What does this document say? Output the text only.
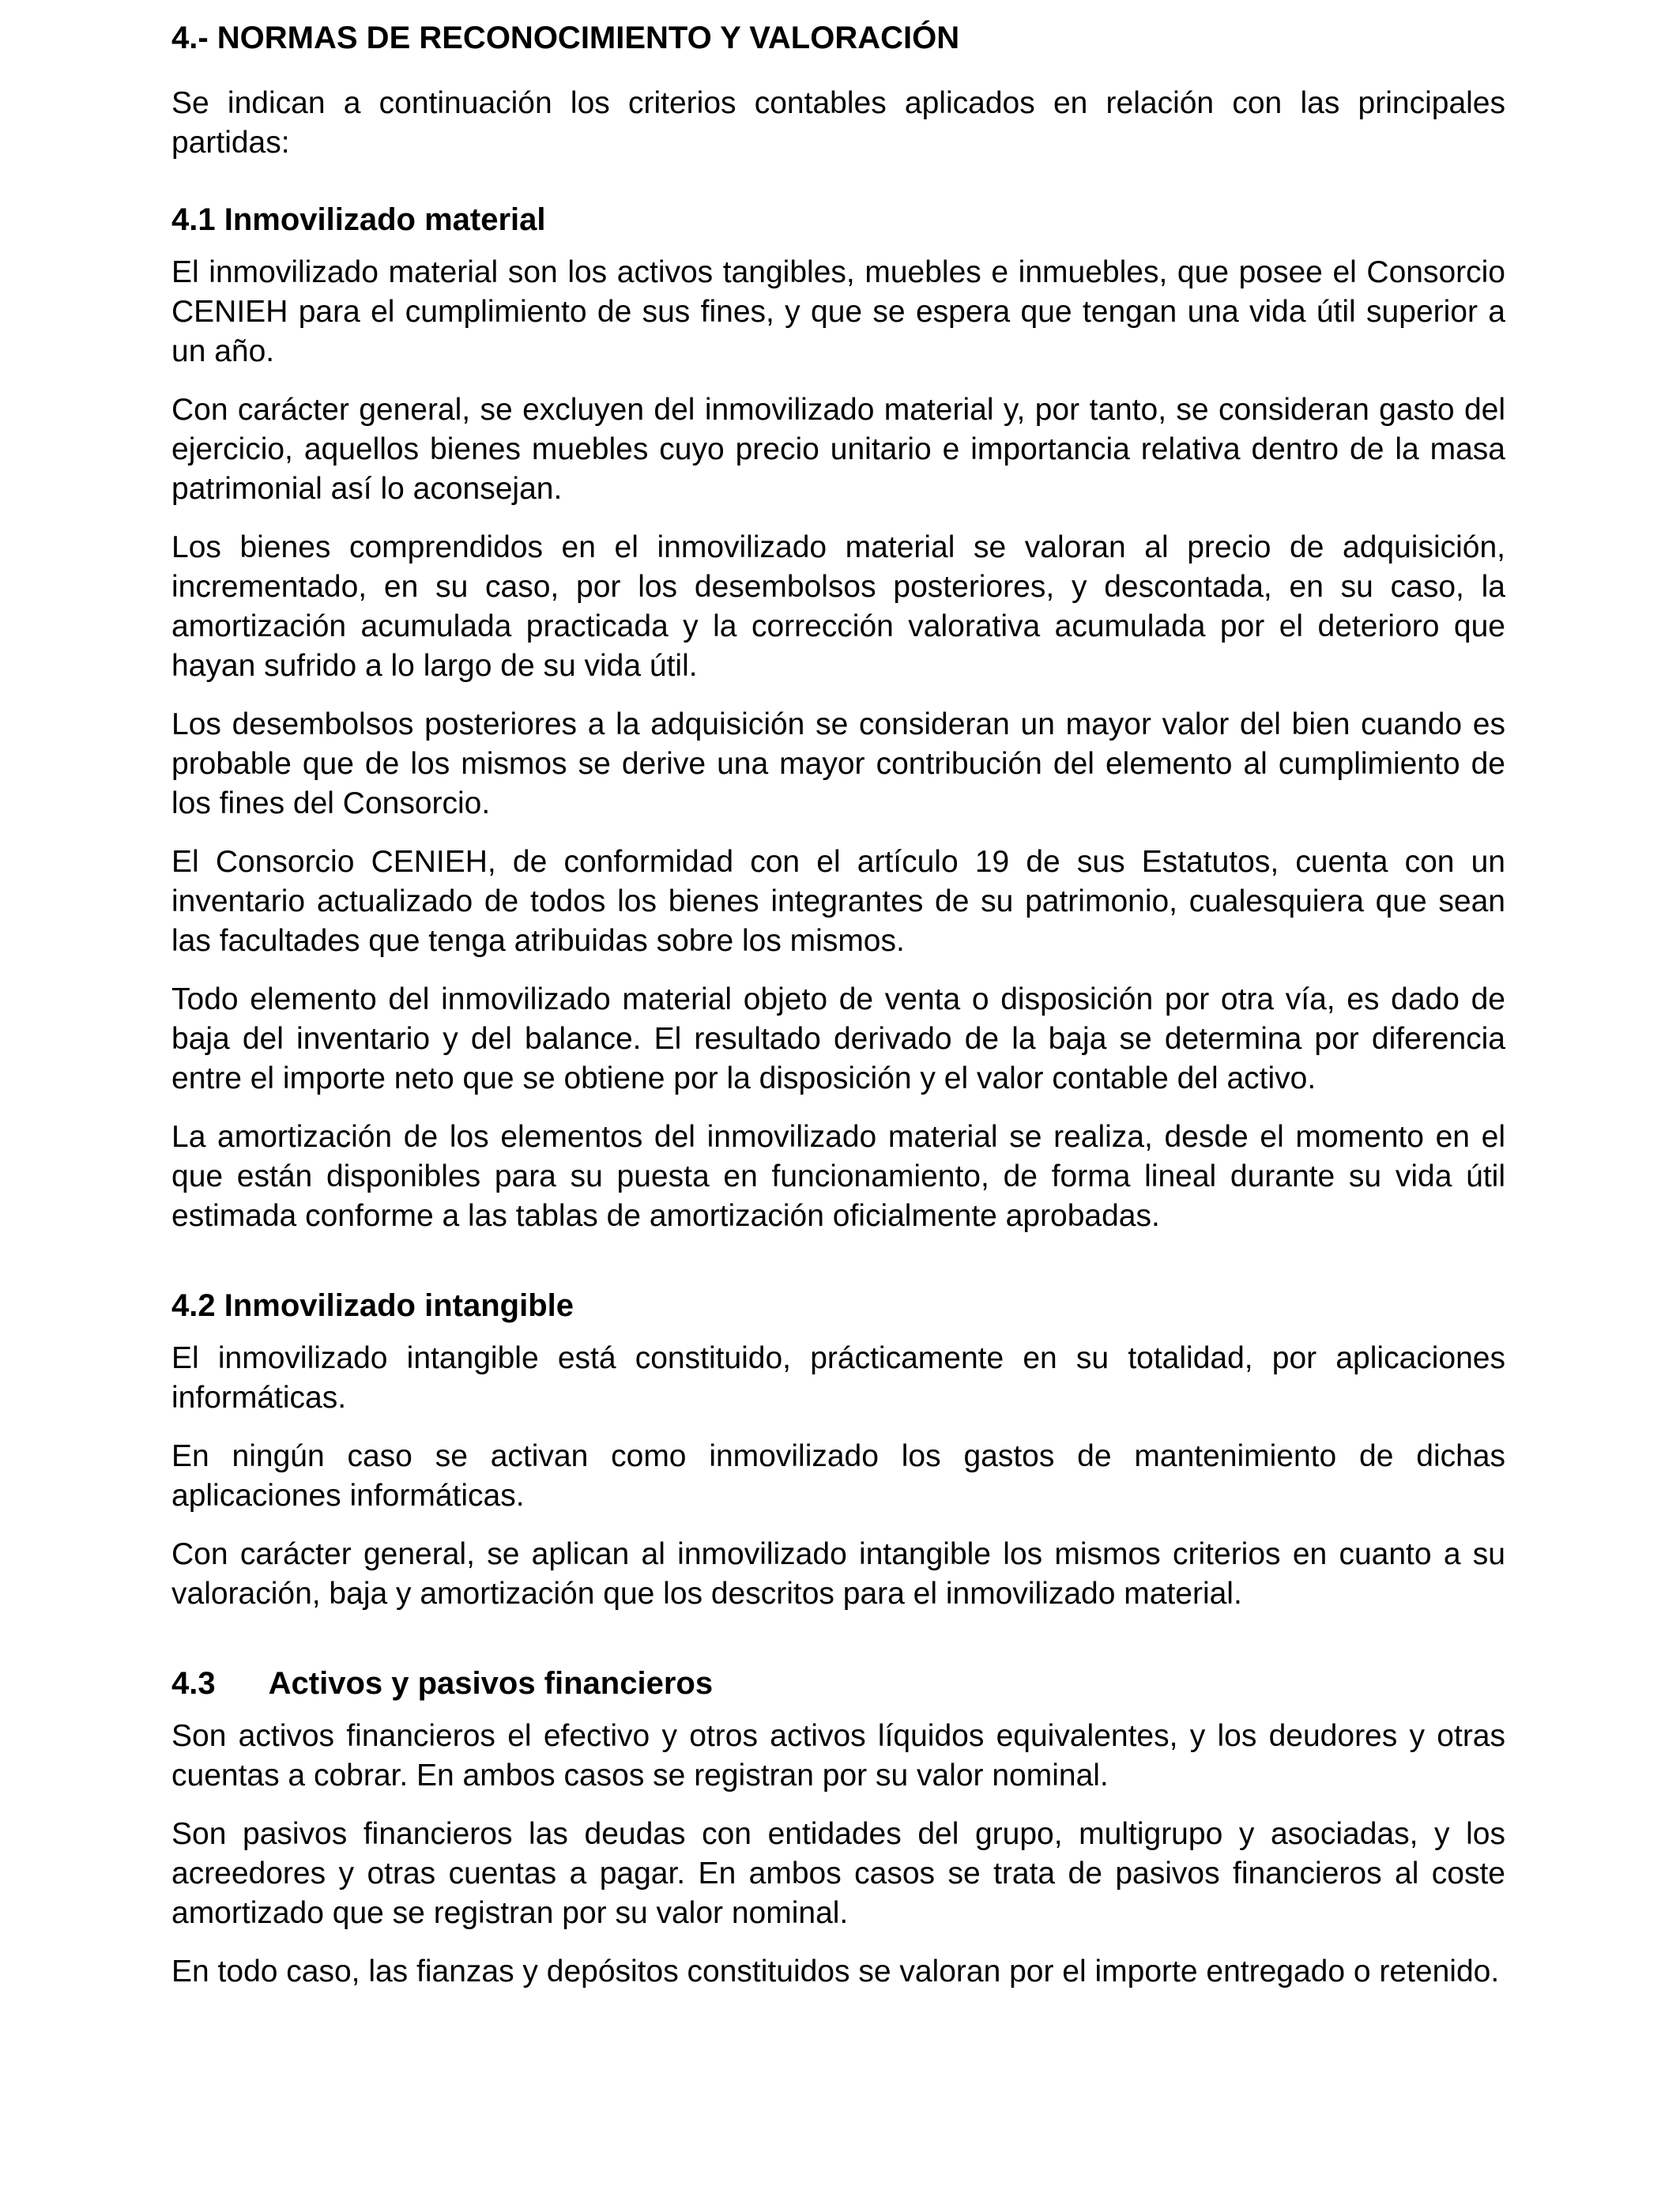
4.- NORMAS DE RECONOCIMIENTO Y VALORACIÓN

Se indican a continuación los criterios contables aplicados en relación con las principales partidas:

4.1 Inmovilizado material

El inmovilizado material son los activos tangibles, muebles e inmuebles, que posee el Consorcio CENIEH para el cumplimiento de sus fines, y que se espera que tengan una vida útil superior a un año.

Con carácter general, se excluyen del inmovilizado material y, por tanto, se consideran gasto del ejercicio, aquellos bienes muebles cuyo precio unitario e importancia relativa dentro de la masa patrimonial así lo aconsejan.

Los bienes comprendidos en el inmovilizado material se valoran al precio de adquisición, incrementado, en su caso, por los desembolsos posteriores, y descontada, en su caso, la amortización acumulada practicada y la corrección valorativa acumulada por el deterioro que hayan sufrido a lo largo de su vida útil.

Los desembolsos posteriores a la adquisición se consideran un mayor valor del bien cuando es probable que de los mismos se derive una mayor contribución del elemento al cumplimiento de los fines del Consorcio.

El Consorcio CENIEH, de conformidad con el artículo 19 de sus Estatutos, cuenta con un inventario actualizado de todos los bienes integrantes de su patrimonio, cualesquiera que sean las facultades que tenga atribuidas sobre los mismos.

Todo elemento del inmovilizado material objeto de venta o disposición por otra vía, es dado de baja del inventario y del balance. El resultado derivado de la baja se determina por diferencia entre el importe neto que se obtiene por la disposición y el valor contable del activo.

La amortización de los elementos del inmovilizado material se realiza, desde el momento en el que están disponibles para su puesta en funcionamiento, de forma lineal durante su vida útil estimada conforme a las tablas de amortización oficialmente aprobadas.

4.2 Inmovilizado intangible

El inmovilizado intangible está constituido, prácticamente en su totalidad, por aplicaciones informáticas.

En ningún caso se activan como inmovilizado los gastos de mantenimiento de dichas aplicaciones informáticas.

Con carácter general, se aplican al inmovilizado intangible los mismos criterios en cuanto a su valoración, baja y amortización que los descritos para el inmovilizado material.

4.3 Activos y pasivos financieros

Son activos financieros el efectivo y otros activos líquidos equivalentes, y los deudores y otras cuentas a cobrar. En ambos casos se registran por su valor nominal.

Son pasivos financieros las deudas con entidades del grupo, multigrupo y asociadas, y los acreedores y otras cuentas a pagar. En ambos casos se trata de pasivos financieros al coste amortizado que se registran por su valor nominal.

En todo caso, las fianzas y depósitos constituidos se valoran por el importe entregado o retenido.
